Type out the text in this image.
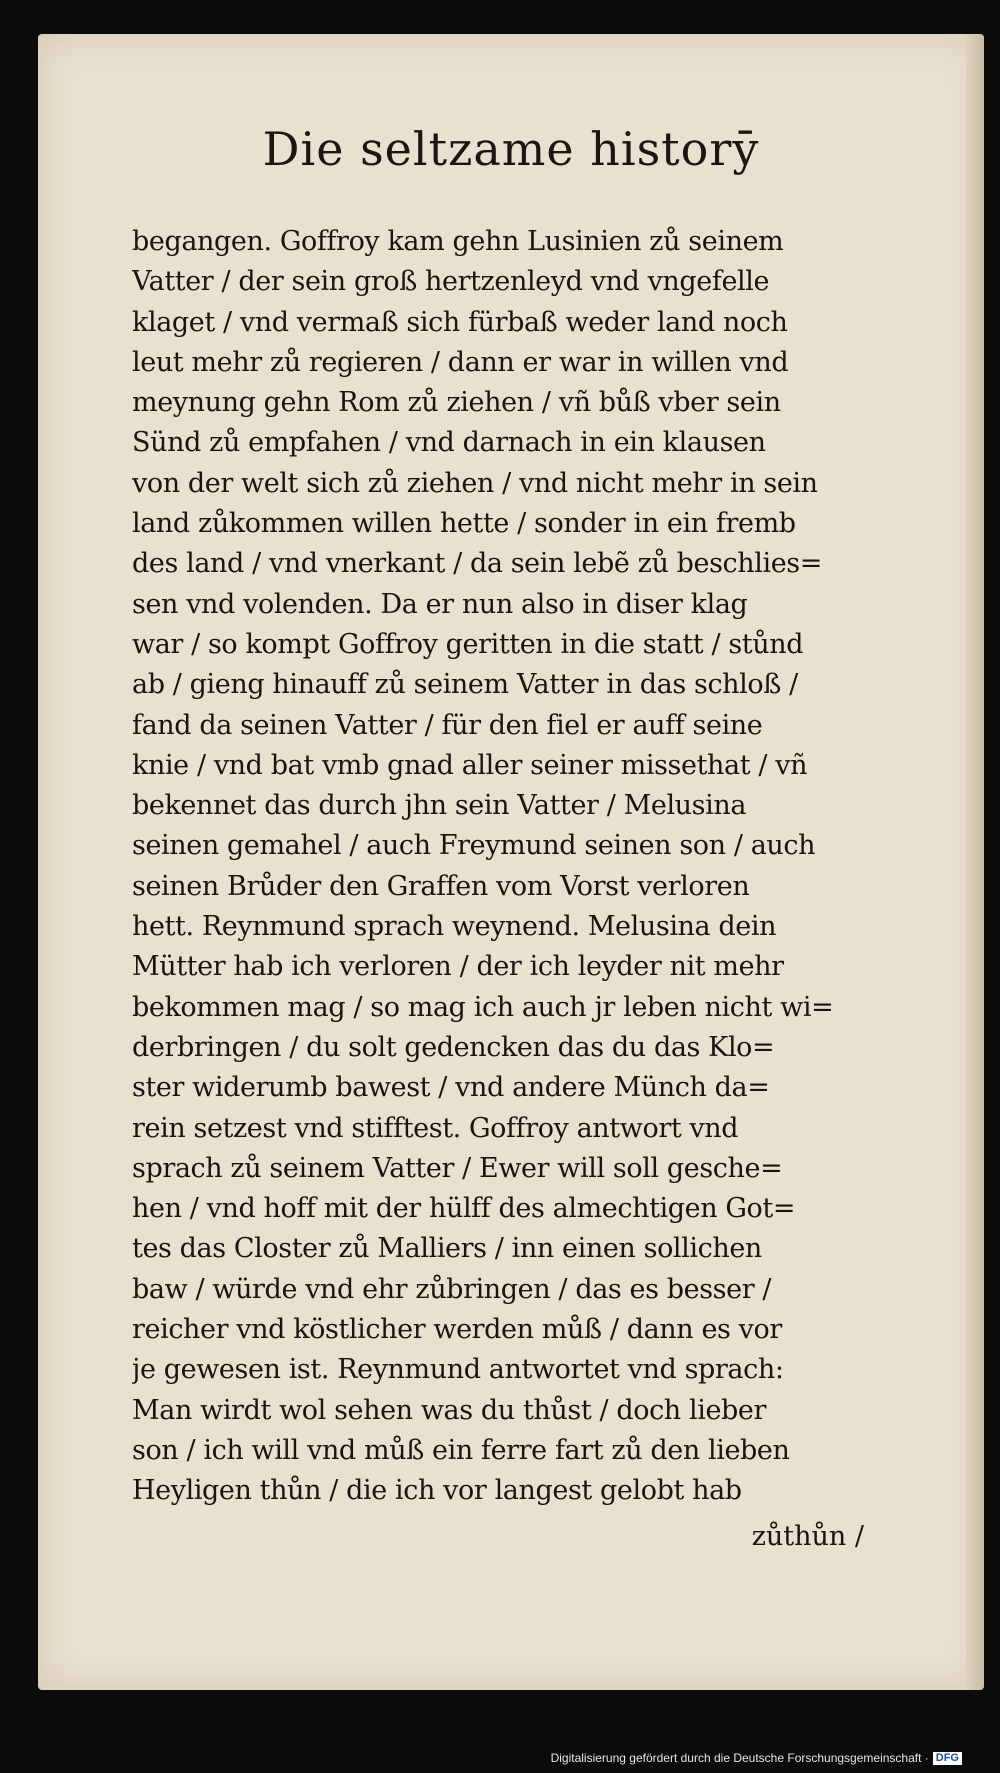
Die seltzame historȳ
begangen. Goffroy kam gehn Lusinien zů seinem
Vatter / der sein groß hertzenleyd vnd vngefelle
klaget / vnd vermaß sich fürbaß weder land noch
leut mehr zů regieren / dann er war in willen vnd
meynung gehn Rom zů ziehen / vñ bůß vber sein
Sünd zů empfahen / vnd darnach in ein klausen
von der welt sich zů ziehen / vnd nicht mehr in sein
land zůkommen willen hette / sonder in ein fremb
des land / vnd vnerkant / da sein lebẽ zů beschlies=
sen vnd volenden. Da er nun also in diser klag
war / so kompt Goffroy geritten in die statt / stůnd
ab / gieng hinauff zů seinem Vatter in das schloß /
fand da seinen Vatter / für den fiel er auff seine
knie / vnd bat vmb gnad aller seiner missethat / vñ
bekennet das durch jhn sein Vatter / Melusina
seinen gemahel / auch Freymund seinen son / auch
seinen Brůder den Graffen vom Vorst verloren
hett. Reynmund sprach weynend. Melusina dein
Mütter hab ich verloren / der ich leyder nit mehr
bekommen mag / so mag ich auch jr leben nicht wi=
derbringen / du solt gedencken das du das Klo=
ster widerumb bawest / vnd andere Münch da=
rein setzest vnd stifftest. Goffroy antwort vnd
sprach zů seinem Vatter / Ewer will soll gesche=
hen / vnd hoff mit der hülff des almechtigen Got=
tes das Closter zů Malliers / inn einen sollichen
baw / würde vnd ehr zůbringen / das es besser /
reicher vnd köstlicher werden můß / dann es vor
je gewesen ist. Reynmund antwortet vnd sprach:
Man wirdt wol sehen was du thůst / doch lieber
son / ich will vnd můß ein ferre fart zů den lieben
Heyligen thůn / die ich vor langest gelobt hab
zůthůn /
Digitalisierung gefördert durch die Deutsche Forschungsgemeinschaft · DFG
